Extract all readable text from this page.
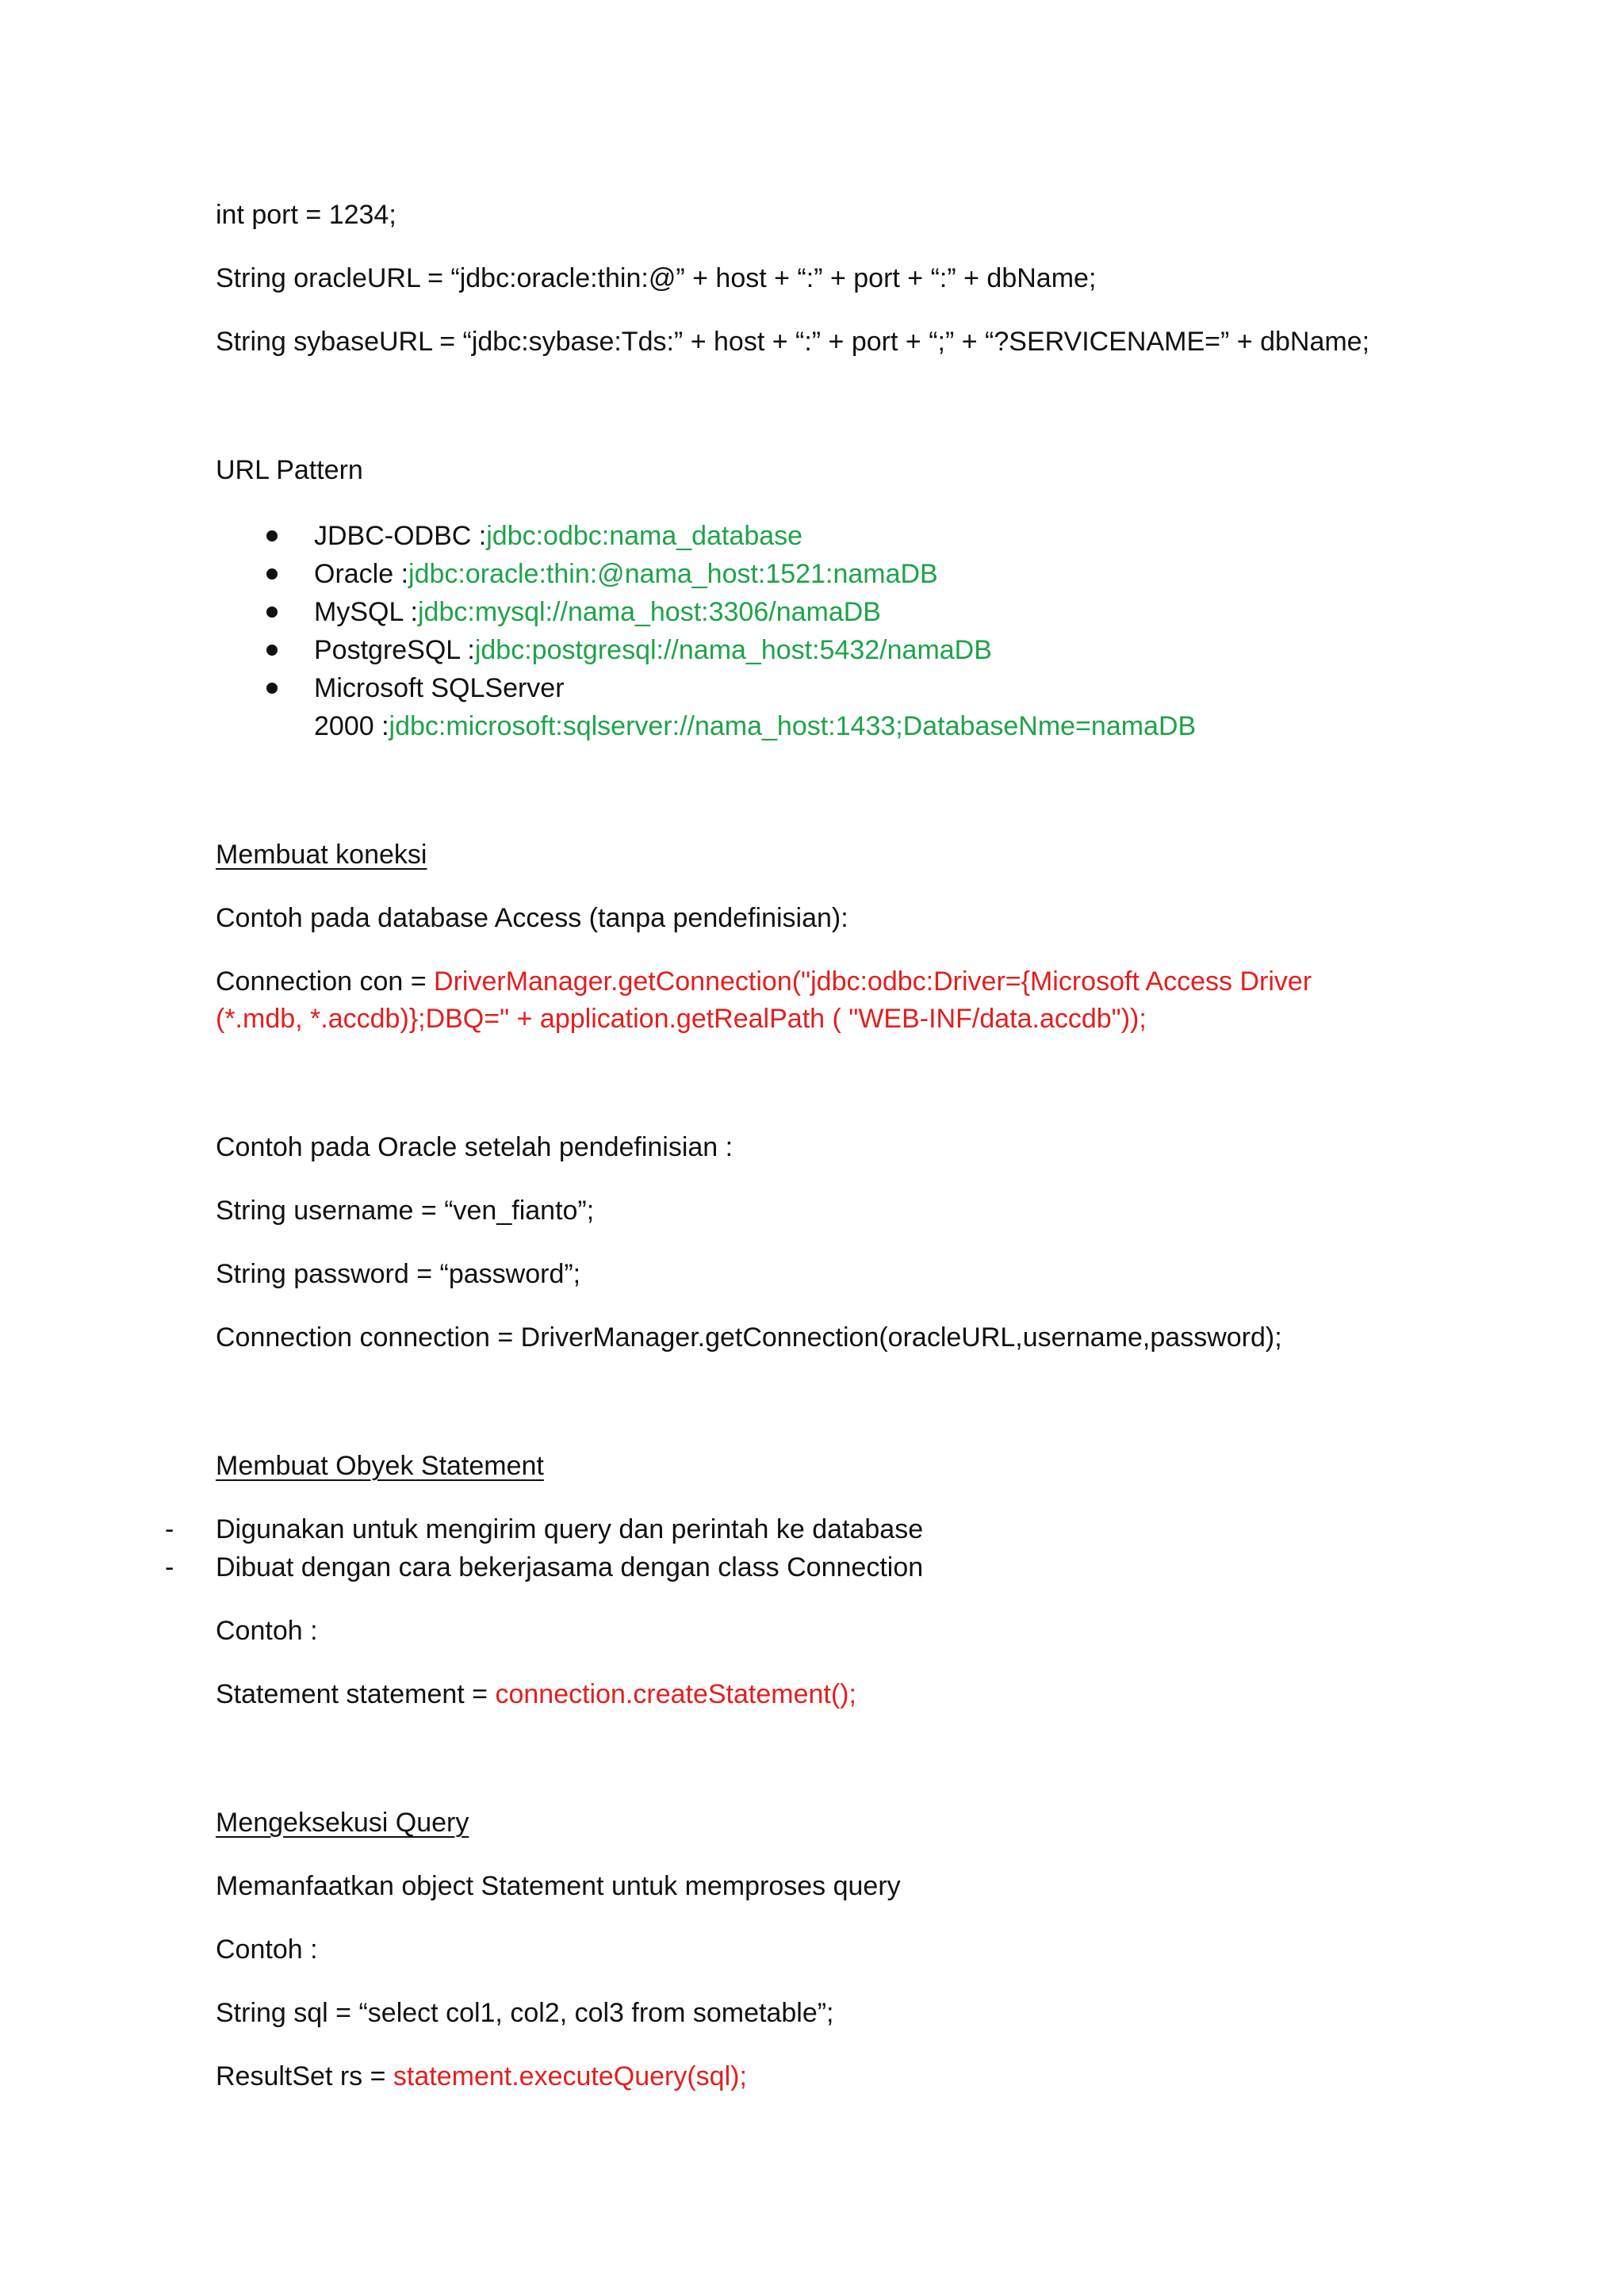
int port = 1234;
String oracleURL = “jdbc:oracle:thin:@” + host + “:” + port + “:” + dbName;
String sybaseURL = “jdbc:sybase:Tds:” + host + “:” + port + “;” + “?SERVICENAME=” + dbName;
URL Pattern
JDBC-ODBC :jdbc:odbc:nama_database
Oracle :jdbc:oracle:thin:@nama_host:1521:namaDB
MySQL :jdbc:mysql://nama_host:3306/namaDB
PostgreSQL :jdbc:postgresql://nama_host:5432/namaDB
Microsoft SQLServer
2000 :jdbc:microsoft:sqlserver://nama_host:1433;DatabaseNme=namaDB
Membuat koneksi
Contoh pada database Access (tanpa pendefinisian):
Connection con = DriverManager.getConnection("jdbc:odbc:Driver={Microsoft Access Driver
(*.mdb, *.accdb)};DBQ=" + application.getRealPath ( "WEB-INF/data.accdb"));
Contoh pada Oracle setelah pendefinisian :
String username = “ven_fianto”;
String password = “password”;
Connection connection = DriverManager.getConnection(oracleURL,username,password);
Membuat Obyek Statement
- Digunakan untuk mengirim query dan perintah ke database
- Dibuat dengan cara bekerjasama dengan class Connection
Contoh :
Statement statement = connection.createStatement();
Mengeksekusi Query
Memanfaatkan object Statement untuk memproses query
Contoh :
String sql = “select col1, col2, col3 from sometable”;
ResultSet rs = statement.executeQuery(sql);
